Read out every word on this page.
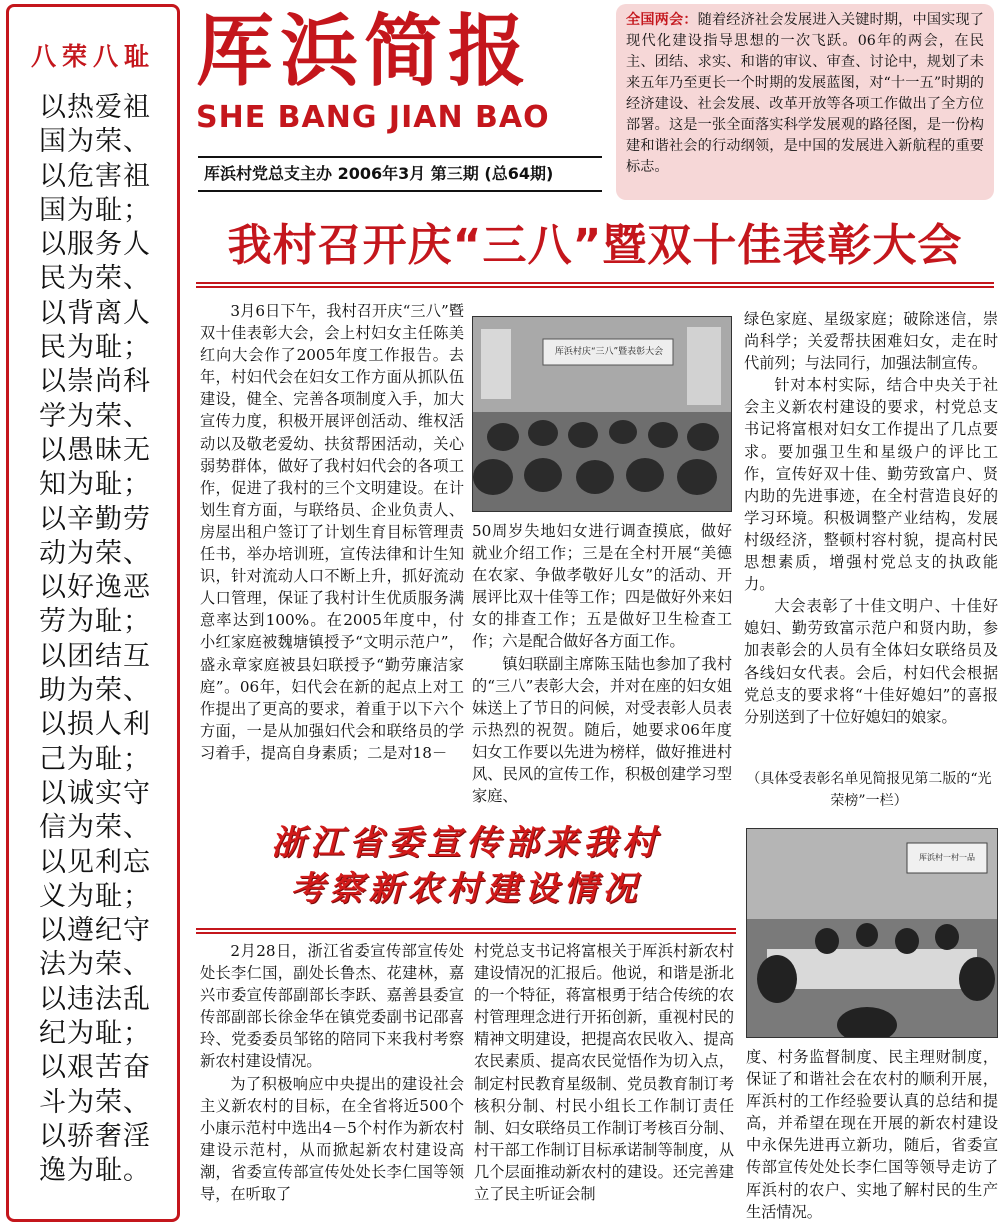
八荣八耻
以热爱祖
国为荣、
以危害祖
国为耻；
以服务人
民为荣、
以背离人
民为耻；
以崇尚科
学为荣、
以愚昧无
知为耻；
以辛勤劳
动为荣、
以好逸恶
劳为耻；
以团结互
助为荣、
以损人利
己为耻；
以诚实守
信为荣、
以见利忘
义为耻；
以遵纪守
法为荣、
以违法乱
纪为耻；
以艰苦奋
斗为荣、
以骄奢淫
逸为耻。
厍浜简报
SHE BANG JIAN BAO
厍浜村党总支主办 2006年3月 第三期 (总64期)
全国两会：随着经济社会发展进入关键时期，中国实现了现代化建设指导思想的一次飞跃。06年的两会，在民主、团结、求实、和谐的审议、审查、讨论中，规划了未来五年乃至更长一个时期的发展蓝图，对“十一五”时期的经济建设、社会发展、改革开放等各项工作做出了全方位部署。这是一张全面落实科学发展观的路径图，是一份构建和谐社会的行动纲领，是中国的发展进入新航程的重要标志。
我村召开庆“三八”暨双十佳表彰大会

3月6日下午，我村召开庆“三八”暨双十佳表彰大会，会上村妇女主任陈美红向大会作了2005年度工作报告。去年，村妇代会在妇女工作方面从抓队伍建设，健全、完善各项制度入手，加大宣传力度，积极开展评创活动、维权活动以及敬老爱幼、扶贫帮困活动，关心弱势群体，做好了我村妇代会的各项工作，促进了我村的三个文明建设。在计划生育方面，与联络员、企业负责人、房屋出租户签订了计划生育目标管理责任书，举办培训班，宣传法律和计生知识，针对流动人口不断上升，抓好流动人口管理，保证了我村计生优质服务满意率达到100%。在2005年度中，付小红家庭被魏塘镇授予“文明示范户”，盛永章家庭被县妇联授予“勤劳廉洁家庭”。06年，妇代会在新的起点上对工作提出了更高的要求，着重于以下六个方面，一是从加强妇代会和联络员的学习着手，提高自身素质；二是对18－

厍浜村庆“三八”暨表彰大会

50周岁失地妇女进行调查摸底，做好就业介绍工作；三是在全村开展“美德在农家、争做孝敬好儿女”的活动、开展评比双十佳等工作；四是做好外来妇女的排查工作；五是做好卫生检查工作；六是配合做好各方面工作。

镇妇联副主席陈玉陆也参加了我村的“三八”表彰大会，并对在座的妇女姐妹送上了节日的问候，对受表彰人员表示热烈的祝贺。随后，她要求06年度妇女工作要以先进为榜样，做好推进村风、民风的宣传工作，积极创建学习型家庭、

绿色家庭、星级家庭；破除迷信，崇尚科学；关爱帮扶困难妇女，走在时代前列；与法同行，加强法制宣传。

针对本村实际，结合中央关于社会主义新农村建设的要求，村党总支书记将富根对妇女工作提出了几点要求。要加强卫生和星级户的评比工作，宣传好双十佳、勤劳致富户、贤内助的先进事迹，在全村营造良好的学习环境。积极调整产业结构，发展村级经济，整顿村容村貌，提高村民思想素质，增强村党总支的执政能力。

大会表彰了十佳文明户、十佳好媳妇、勤劳致富示范户和贤内助，参加表彰会的人员有全体妇女联络员及各线妇女代表。会后，村妇代会根据党总支的要求将“十佳好媳妇”的喜报分别送到了十位好媳妇的娘家。

（具体受表彰名单见简报见第二版的“光荣榜”一栏）
浙江省委宣传部来我村
考察新农村建设情况

2月28日，浙江省委宣传部宣传处处长李仁国，副处长鲁杰、花建林，嘉兴市委宣传部副部长李跃、嘉善县委宣传部副部长徐金华在镇党委副书记邵喜玲、党委委员邹铭的陪同下来我村考察新农村建设情况。

为了积极响应中央提出的建设社会主义新农村的目标，在全省将近500个小康示范村中选出4－5个村作为新农村建设示范村，从而掀起新农村建设高潮，省委宣传部宣传处处长李仁国等领导，在听取了

村党总支书记将富根关于厍浜村新农村建设情况的汇报后。他说，和谐是浙北的一个特征，蒋富根勇于结合传统的农村管理理念进行开拓创新，重视村民的精神文明建设，把提高农民收入、提高农民素质、提高农民觉悟作为切入点，制定村民教育星级制、党员教育制订考核积分制、村民小组长工作制订责任制、妇女联络员工作制订考核百分制、村干部工作制订目标承诺制等制度，从几个层面推动新农村的建设。还完善建立了民主听证会制

厍浜村一村一品

度、村务监督制度、民主理财制度，保证了和谐社会在农村的顺利开展，厍浜村的工作经验要认真的总结和提高，并希望在现在开展的新农村建设中永保先进再立新功，随后，省委宣传部宣传处处长李仁国等领导走访了厍浜村的农户、实地了解村民的生产生活情况。
